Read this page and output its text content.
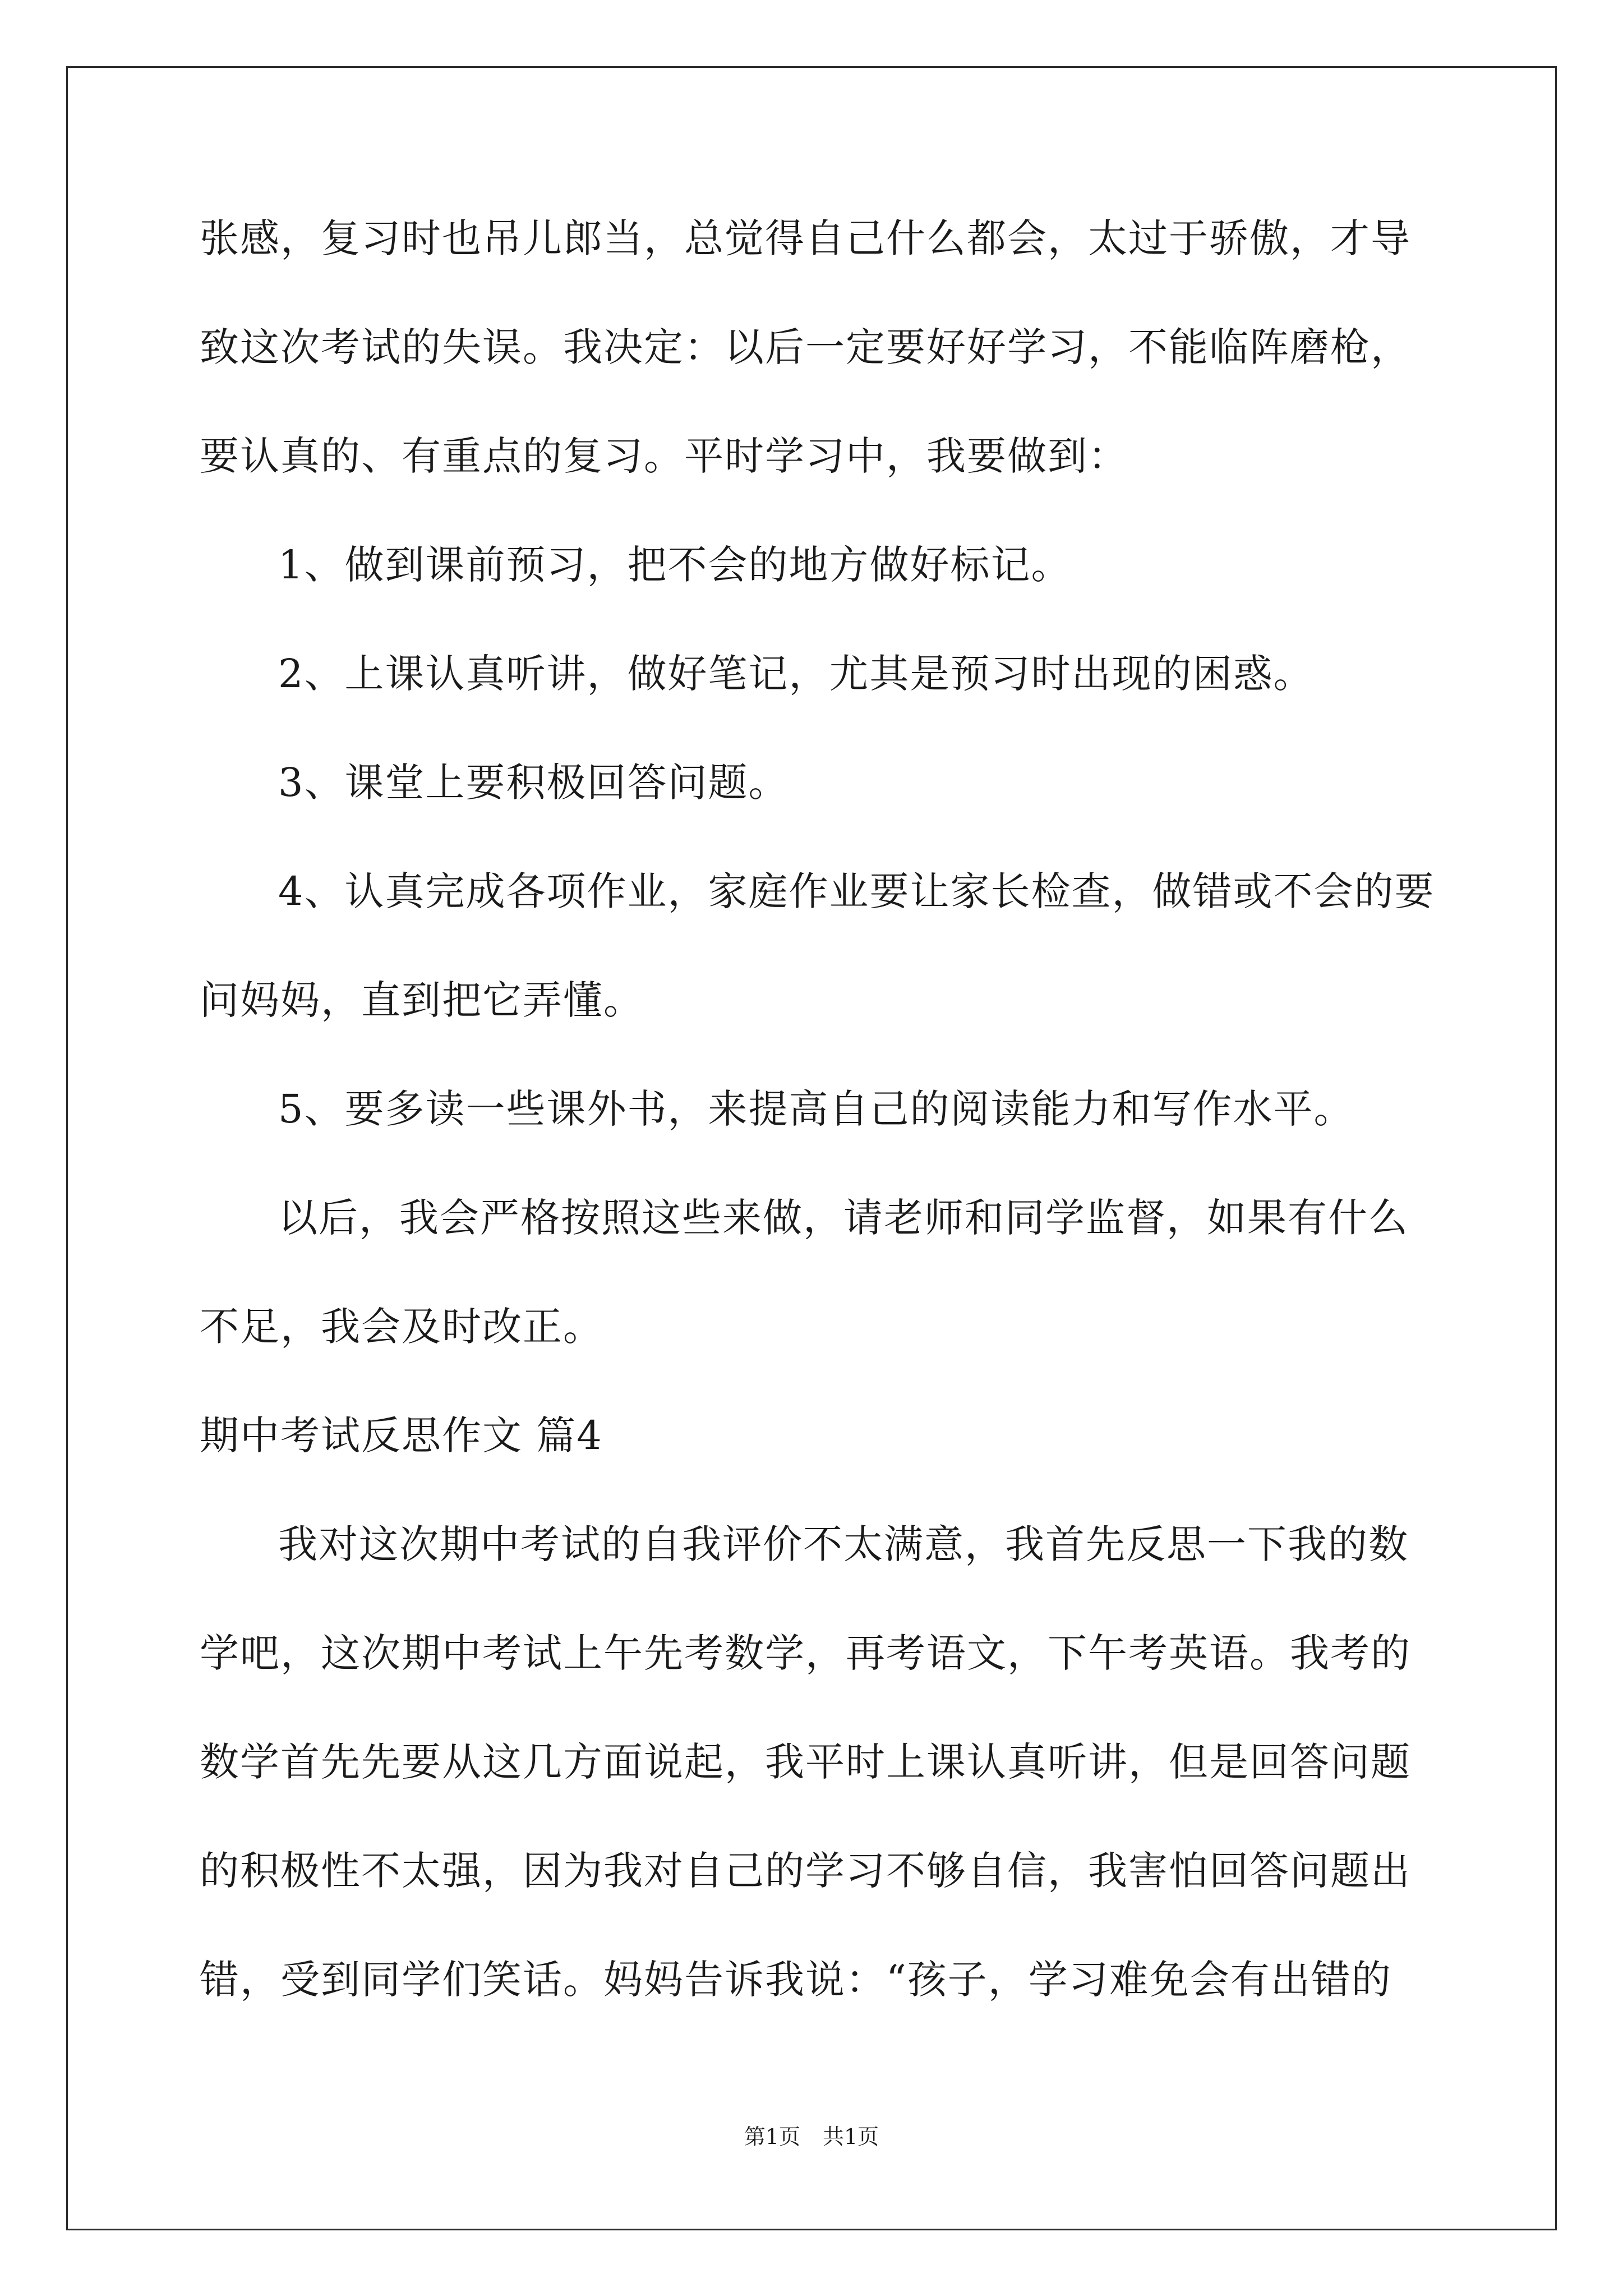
张感，复习时也吊儿郎当，总觉得自己什么都会，太过于骄傲，才导
致这次考试的失误。我决定：以后一定要好好学习，不能临阵磨枪，
要认真的、有重点的复习。平时学习中，我要做到：
1、做到课前预习，把不会的地方做好标记。
2、上课认真听讲，做好笔记，尤其是预习时出现的困惑。
3、课堂上要积极回答问题。
4、认真完成各项作业，家庭作业要让家长检查，做错或不会的要
问妈妈，直到把它弄懂。
5、要多读一些课外书，来提高自己的阅读能力和写作水平。
以后，我会严格按照这些来做，请老师和同学监督，如果有什么
不足，我会及时改正。
期中考试反思作文 篇4
我对这次期中考试的自我评价不太满意，我首先反思一下我的数
学吧，这次期中考试上午先考数学，再考语文，下午考英语。我考的
数学首先先要从这几方面说起，我平时上课认真听讲，但是回答问题
的积极性不太强，因为我对自己的学习不够自信，我害怕回答问题出
错，受到同学们笑话。妈妈告诉我说：“孩子，学习难免会有出错的
第1页 共1页
